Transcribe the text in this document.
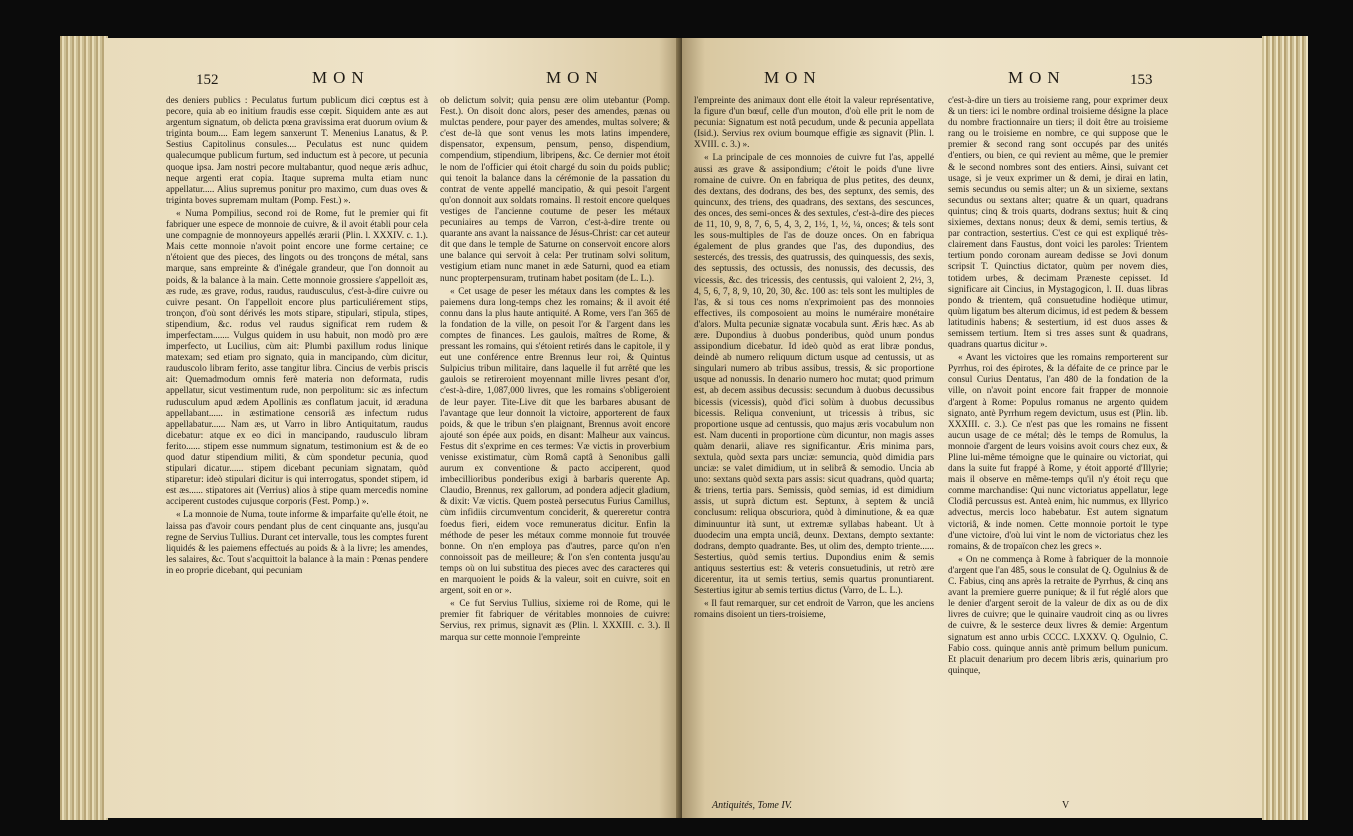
152	MON	MON

des deniers publics : Peculatus furtum publicum dici cœptus est à pecore, quia ab eo initium fraudis esse cœpit. Siquidem ante æs aut argentum signatum, ob delicta pœna gravissima erat duorum ovium & triginta boum.... Eam legem sanxerunt T. Menenius Lanatus, & P. Sestius Capitolinus consules.... Peculatus est nunc quidem qualecumque publicum furtum, sed inductum est à pecore, ut pecunia quoque ipsa. Jam nostri pecore multabantur, quod neque æris adhuc, neque argenti erat copia. Itaque suprema multa etiam nunc appellatur..... Alius supremus ponitur pro maximo, cum duas oves & triginta boves supremam multam (Pomp. Fest.) ».

« Numa Pompilius, second roi de Rome, fut le premier qui fit fabriquer une espece de monnoie de cuivre, & il avoit établi pour cela une compagnie de monnoyeurs appellés ærarii (Plin. l. XXXIV. c. 1.). Mais cette monnoie n'avoit point encore une forme certaine; ce n'étoient que des pieces, des lingots ou des tronçons de métal, sans marque, sans empreinte & d'inégale grandeur, que l'on donnoit au poids, & la balance à la main. Cette monnoie grossiere s'appelloit æs, æs rude, æs grave, rodus, raudus, raudusculus, c'est-à-dire cuivre ou cuivre pesant. On l'appelloit encore plus particuliérement stips, tronçon, d'où sont dérivés les mots stipare, stipulari, stipula, stipes, stipendium, &c. rodus vel raudus significat rem rudem & imperfectam....... Vulgus quidem in usu habuit, non modò pro ære imperfecto, ut Lucilius, cùm ait: Plumbi paxillum rodus linique matexam; sed etiam pro signato, quia in mancipando, cùm dicitur, rauduscolo libram ferito, asse tangitur libra. Cincius de verbis priscis ait: Quemadmodum omnis ferè materia non deformata, rudis appellatur, sicut vestimentum rude, non perpolitum: sic æs infectum rudusculum apud ædem Apollinis æs conflatum jacuit, id æraduna appellabant...... in æstimatione censoriâ æs infectum rudus appellabatur...... Nam æs, ut Varro in libro Antiquitatum, raudus dicebatur: atque ex eo dici in mancipando, raudusculo libram ferito...... stipem esse nummum signatum, testimonium est & de eo quod datur stipendium militi, & cùm spondetur pecunia, quod stipulari dicatur...... stipem dicebant pecuniam signatam, quòd stiparetur: ideò stipulari dicitur is qui interrogatus, spondet stipem, id est æs...... stipatores ait (Verrius) alios à stipe quam mercedis nomine acciperent custodes cujusque corporis (Fest. Pomp.) ».

« La monnoie de Numa, toute informe & imparfaite qu'elle étoit, ne laissa pas d'avoir cours pendant plus de cent cinquante ans, jusqu'au regne de Servius Tullius. Durant cet intervalle, tous les comptes furent liquidés & les paiemens effectués au poids & à la livre; les amendes, les salaires, &c. Tout s'acquittoit la balance à la main : Pœnas pendere in eo proprie dicebant, qui pecuniam

ob delictum solvit; quia pensu ære olim utebantur (Pomp. Fest.). On disoit donc alors, peser des amendes, pænas ou mulctas pendere, pour payer des amendes, multas solvere; & c'est de-là que sont venus les mots latins impendere, dispensator, expensum, pensum, penso, dispendium, compendium, stipendium, libripens, &c. Ce dernier mot étoit le nom de l'officier qui étoit chargé du soin du poids public; qui tenoit la balance dans la cérémonie de la passation du contrat de vente appellé mancipatio, & qui pesoit l'argent qu'on donnoit aux soldats romains. Il restoit encore quelques vestiges de l'ancienne coutume de peser les métaux pecuniaires au temps de Varron, c'est-à-dire trente ou quarante ans avant la naissance de Jésus-Christ: car cet auteur dit que dans le temple de Saturne on conservoit encore alors une balance qui servoit à cela: Per trutinam solvi solitum, vestigium etiam nunc manet in æde Saturni, quod ea etiam nunc propterpensuram, trutinam habet positam (de L. L.).

« Cet usage de peser les métaux dans les comptes & les paiemens dura long-temps chez les romains; & il avoit été connu dans la plus haute antiquité. A Rome, vers l'an 365 de la fondation de la ville, on pesoit l'or & l'argent dans les comptes de finances. Les gaulois, maîtres de Rome, & pressant les romains, qui s'étoient retirés dans le capitole, il y eut une conférence entre Brennus leur roi, & Quintus Sulpicius tribun militaire, dans laquelle il fut arrêté que les gaulois se retireroient moyennant mille livres pesant d'or, c'est-à-dire, 1,087,000 livres, que les romains s'obligeroient de leur payer. Tite-Live dit que les barbares abusant de l'avantage que leur donnoit la victoire, apporterent de faux poids, & que le tribun s'en plaignant, Brennus avoit encore ajouté son épée aux poids, en disant: Malheur aux vaincus. Festus dit s'exprime en ces termes: Væ victis in proverbium venisse existimatur, cùm Româ captâ à Senonibus galli aurum ex conventione & pacto acciperent, quod imbecillioribus ponderibus exigi à barbaris querente Ap. Claudio, Brennus, rex gallorum, ad pondera adjecit gladium, & dixit: Væ victis. Quem posteà persecutus Furius Camillus, cùm infidiis circumventum conciderit, & quereretur contra foedus fieri, eidem voce remuneratus dicitur. Enfin la méthode de peser les métaux comme monnoie fut trouvée bonne. On n'en employa pas d'autres, parce qu'on n'en connoissoit pas de meilleure; & l'on s'en contenta jusqu'au temps où on lui substitua des pieces avec des caracteres qui en marquoient le poids & la valeur, soit en cuivre, soit en argent, soit en or ».

« Ce fut Servius Tullius, sixieme roi de Rome, qui le premier fit fabriquer de véritables monnoies de cuivre: Servius, rex primus, signavit æs (Plin. l. XXXIII. c. 3.). Il marqua sur cette monnoie l'empreinte

MON	MON	153

l'empreinte des animaux dont elle étoit la valeur représentative, la figure d'un bœuf, celle d'un mouton, d'où elle prit le nom de pecunia: Signatum est notâ pecudum, unde & pecunia appellata (Isid.). Servius rex ovium boumque effigie æs signavit (Plin. l. XVIII. c. 3.) ».

« La principale de ces monnoies de cuivre fut l'as, appellé aussi æs grave & assipondium; c'étoit le poids d'une livre romaine de cuivre. On en fabriqua de plus petites, des deunx, des dextans, des dodrans, des bes, des septunx, des semis, des quincunx, des triens, des quadrans, des sextans, des sescunces, des onces, des semi-onces & des sextules, c'est-à-dire des pieces de 11, 10, 9, 8, 7, 6, 5, 4, 3, 2, 1½, 1, ½, ¼, onces; & tels sont les sous-multiples de l'as de douze onces. On en fabriqua également de plus grandes que l'as, des dupondius, des sestercés, des tressis, des quatrussis, des quinquessis, des sexis, des septussis, des octussis, des nonussis, des decussis, des vicessis, &c. des tricessis, des centussis, qui valoient 2, 2½, 3, 4, 5, 6, 7, 8, 9, 10, 20, 30, &c. 100 as: tels sont les multiples de l'as, & si tous ces noms n'exprimoient pas des monnoies effectives, ils composoient au moins le numéraire monétaire d'alors. Multa pecuniæ signatæ vocabula sunt. Æris hæc. As ab ære. Dupondius à duobus ponderibus, quòd unum pondus assipondium dicebatur. Id ideò quòd as erat libræ pondus, deindè ab numero reliquum dictum usque ad centussis, ut as singulari numero ab tribus assibus, tressis, & sic proportione usque ad nonussis. In denario numero hoc mutat; quod primum est, ab decem assibus decussis: secundum à duobus decussibus bicessis (vicessis), quòd d'ici solùm à duobus decussibus bicessis. Reliqua conveniunt, ut tricessis à tribus, sic proportione usque ad centussis, quo majus æris vocabulum non est. Nam ducenti in proportione cùm dicuntur, non magis asses quàm denarii, aliave res significantur. Æris minima pars, sextula, quòd sexta pars unciæ: semuncia, quòd dimidia pars unciæ: se valet dimidium, ut in selibrâ & semodio. Uncia ab uno: sextans quòd sexta pars assis: sicut quadrans, quòd quarta; & triens, tertia pars. Semissis, quòd semias, id est dimidium assis, ut suprà dictum est. Septunx, à septem & unciâ conclusum: reliqua obscuriora, quòd à diminutione, & ea quæ diminuuntur ità sunt, ut extremæ syllabas habeant. Ut à duodecim una empta unciâ, deunx. Dextans, dempto sextante: dodrans, dempto quadrante. Bes, ut olim des, dempto triente...... Sestertius, quòd semis tertius. Dupondius enim & semis antiquus sestertius est: & veteris consuetudinis, ut retrò ære dicerentur, ita ut semis tertius, semis quartus pronuntiarent. Sestertius igitur ab semis tertius dictus (Varro, de L. L.).

« Il faut remarquer, sur cet endroit de Varron, que les anciens romains disoient un tiers-troisieme,

c'est-à-dire un tiers au troisieme rang, pour exprimer deux & un tiers: ici le nombre ordinal troisieme désigne la place du nombre fractionnaire un tiers; il doit être au troisieme rang ou le troisieme en nombre, ce qui suppose que le premier & second rang sont occupés par des unités d'entiers, ou bien, ce qui revient au même, que le premier & le second nombres sont des entiers. Ainsi, suivant cet usage, si je veux exprimer un & demi, je dirai en latin, semis secundus ou semis alter; un & un sixieme, sextans secundus ou sextans alter; quatre & un quart, quadrans quintus; cinq & trois quarts, dodrans sextus; huit & cinq sixiemes, dextans nonus; deux & demi, semis tertius, & par contraction, sestertius. C'est ce qui est expliqué très-clairement dans Faustus, dont voici les paroles: Trientem tertium pondo coronam auream dedisse se Jovi donum scripsit T. Quinctius dictator, quùm per novem dies, totidem urbes, & decimam Præneste cepisset. Id significare ait Cincius, in Mystagogicon, l. II. duas libras pondo & trientem, quâ consuetudine hodièque utimur, quùm ligatum bes alterum dicimus, id est pedem & bessem latitudinis habens; & sestertium, id est duos asses & semissem tertium. Item si tres asses sunt & quadrans, quadrans quartus dicitur ».

« Avant les victoires que les romains remporterent sur Pyrrhus, roi des épirotes, & la défaite de ce prince par le consul Curius Dentatus, l'an 480 de la fondation de la ville, on n'avoit point encore fait frapper de monnoie d'argent à Rome: Populus romanus ne argento quidem signato, antè Pyrrhum regem devictum, usus est (Plin. lib. XXXIII. c. 3.). Ce n'est pas que les romains ne fissent aucun usage de ce métal; dès le temps de Romulus, la monnoie d'argent de leurs voisins avoit cours chez eux, & Pline lui-même témoigne que le quinaire ou victoriat, qui dans la suite fut frappé à Rome, y étoit apporté d'Illyrie; mais il observe en même-temps qu'il n'y étoit reçu que comme marchandise: Qui nunc victoriatus appellatur, lege Clodiâ percussus est. Anteà enim, hic nummus, ex Illyrico advectus, mercis loco habebatur. Est autem signatum victoriâ, & inde nomen. Cette monnoie portoit le type d'une victoire, d'où lui vint le nom de victoriatus chez les romains, & de tropaïcon chez les grecs ».

« On ne commença à Rome à fabriquer de la monnoie d'argent que l'an 485, sous le consulat de Q. Ogulnius & de C. Fabius, cinq ans après la retraite de Pyrrhus, & cinq ans avant la premiere guerre punique; & il fut réglé alors que le denier d'argent seroit de la valeur de dix as ou de dix livres de cuivre; que le quinaire vaudroit cinq as ou livres de cuivre, & le sesterce deux livres & demie: Argentum signatum est anno urbis CCCC. LXXXV. Q. Ogulnio, C. Fabio coss. quinque annis antè primum bellum punicum. Et placuit denarium pro decem libris æris, quinarium pro quinque,

Antiquités, Tome IV.	V
